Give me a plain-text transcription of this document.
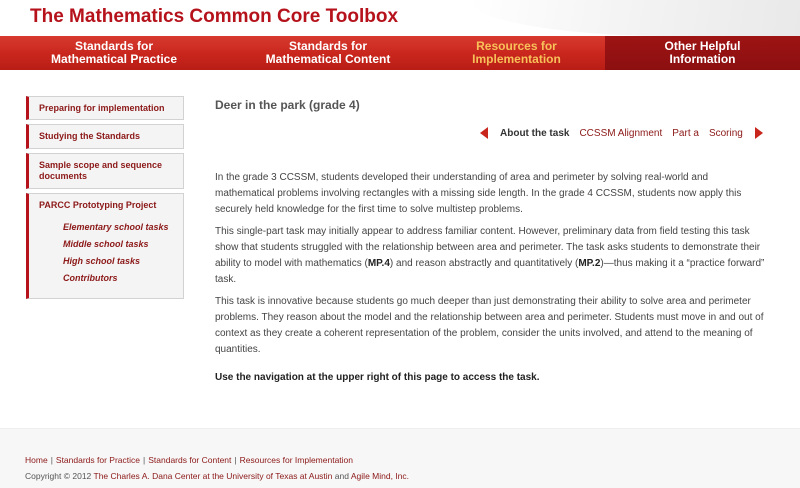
The Mathematics Common Core Toolbox
Standards for
Mathematical Practice
Standards for
Mathematical Content
Resources for
Implementation
Other Helpful
Information
Preparing for implementation
Studying the Standards
Sample scope and sequence documents
PARCC Prototyping Project
Elementary school tasks
Middle school tasks
High school tasks
Contributors
Deer in the park (grade 4)
About the task CCSSM Alignment Part a Scoring

In the grade 3 CCSSM, students developed their understanding of area and perimeter by solving real-world and mathematical problems involving rectangles with a missing side length. In the grade 4 CCSSM, students now apply this securely held knowledge for the first time to solve multistep problems.

This single-part task may initially appear to address familiar content. However, preliminary data from field testing this task show that students struggled with the relationship between area and perimeter. The task asks students to demonstrate their ability to model with mathematics (MP.4) and reason abstractly and quantitatively (MP.2)—thus making it a “practice forward” task.

This task is innovative because students go much deeper than just demonstrating their ability to solve area and perimeter problems. They reason about the model and the relationship between area and perimeter. Students must move in and out of context as they create a coherent representation of the problem, consider the units involved, and attend to the meaning of quantities.

Use the navigation at the upper right of this page to access the task.

Home | Standards for Practice | Standards for Content | Resources for Implementation
Copyright © 2012 The Charles A. Dana Center at the University of Texas at Austin and Agile Mind, Inc.
